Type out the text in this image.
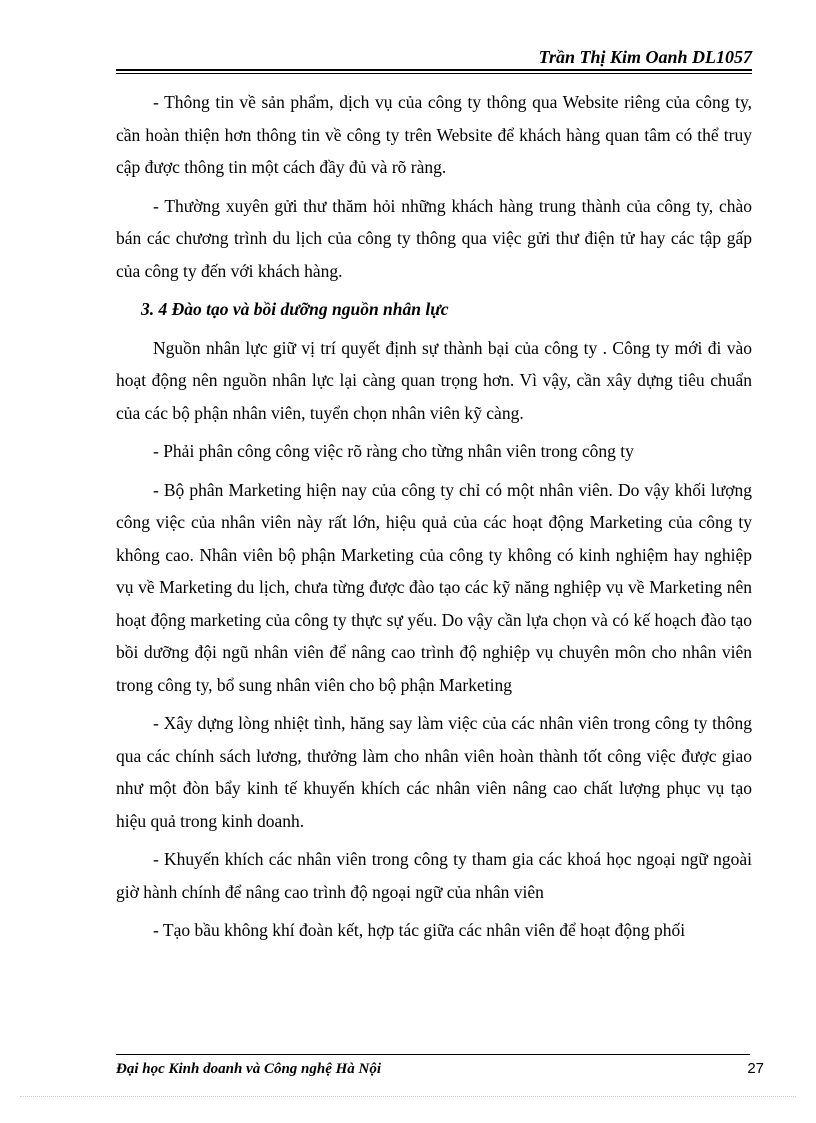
Trần Thị Kim Oanh DL1057

- Thông tin về sản phẩm, dịch vụ của công ty thông qua Website riêng của công ty, cần hoàn thiện hơn thông tin về công ty trên Website để khách hàng quan tâm có thể truy cập được thông tin một cách đầy đủ và rõ ràng.

- Thường xuyên gửi thư thăm hỏi những khách hàng trung thành của công ty, chào bán các chương trình du lịch của công ty thông qua việc gửi thư điện tử hay các tập gấp của công ty đến với khách hàng.

3. 4 Đào tạo và bồi dưỡng nguồn nhân lực

Nguồn nhân lực giữ vị trí quyết định sự thành bại của công ty . Công ty mới đi vào hoạt động nên nguồn nhân lực lại càng quan trọng hơn. Vì vậy, cần xây dựng tiêu chuẩn của các bộ phận nhân viên, tuyển chọn nhân viên kỹ càng.

- Phải phân công công việc rõ ràng cho từng nhân viên trong công ty

- Bộ phân Marketing hiện nay của công ty chỉ có một nhân viên. Do vậy khối lượng công việc của nhân viên này rất lớn, hiệu quả của các hoạt động Marketing của công ty không cao. Nhân viên bộ phận Marketing của công ty không có kinh nghiệm hay nghiệp vụ về Marketing du lịch, chưa từng được đào tạo các kỹ năng nghiệp vụ về Marketing nên hoạt động marketing của công ty thực sự yếu. Do vậy cần lựa chọn và có kế hoạch đào tạo bồi dưỡng đội ngũ nhân viên để nâng cao trình độ nghiệp vụ chuyên môn cho nhân viên trong công ty, bổ sung nhân viên cho bộ phận Marketing

- Xây dựng lòng nhiệt tình, hăng say làm việc của các nhân viên trong công ty thông qua các chính sách lương, thưởng làm cho nhân viên hoàn thành tốt công việc được giao như một đòn bẩy kinh tế khuyến khích các nhân viên nâng cao chất lượng phục vụ tạo hiệu quả trong kinh doanh.

- Khuyến khích các nhân viên trong công ty tham gia các khoá học ngoại ngữ ngoài giờ hành chính để nâng cao trình độ ngoại ngữ của nhân viên

- Tạo bầu không khí đoàn kết, hợp tác giữa các nhân viên để hoạt động phối

Đại học Kinh doanh và Công nghệ Hà Nội	27
